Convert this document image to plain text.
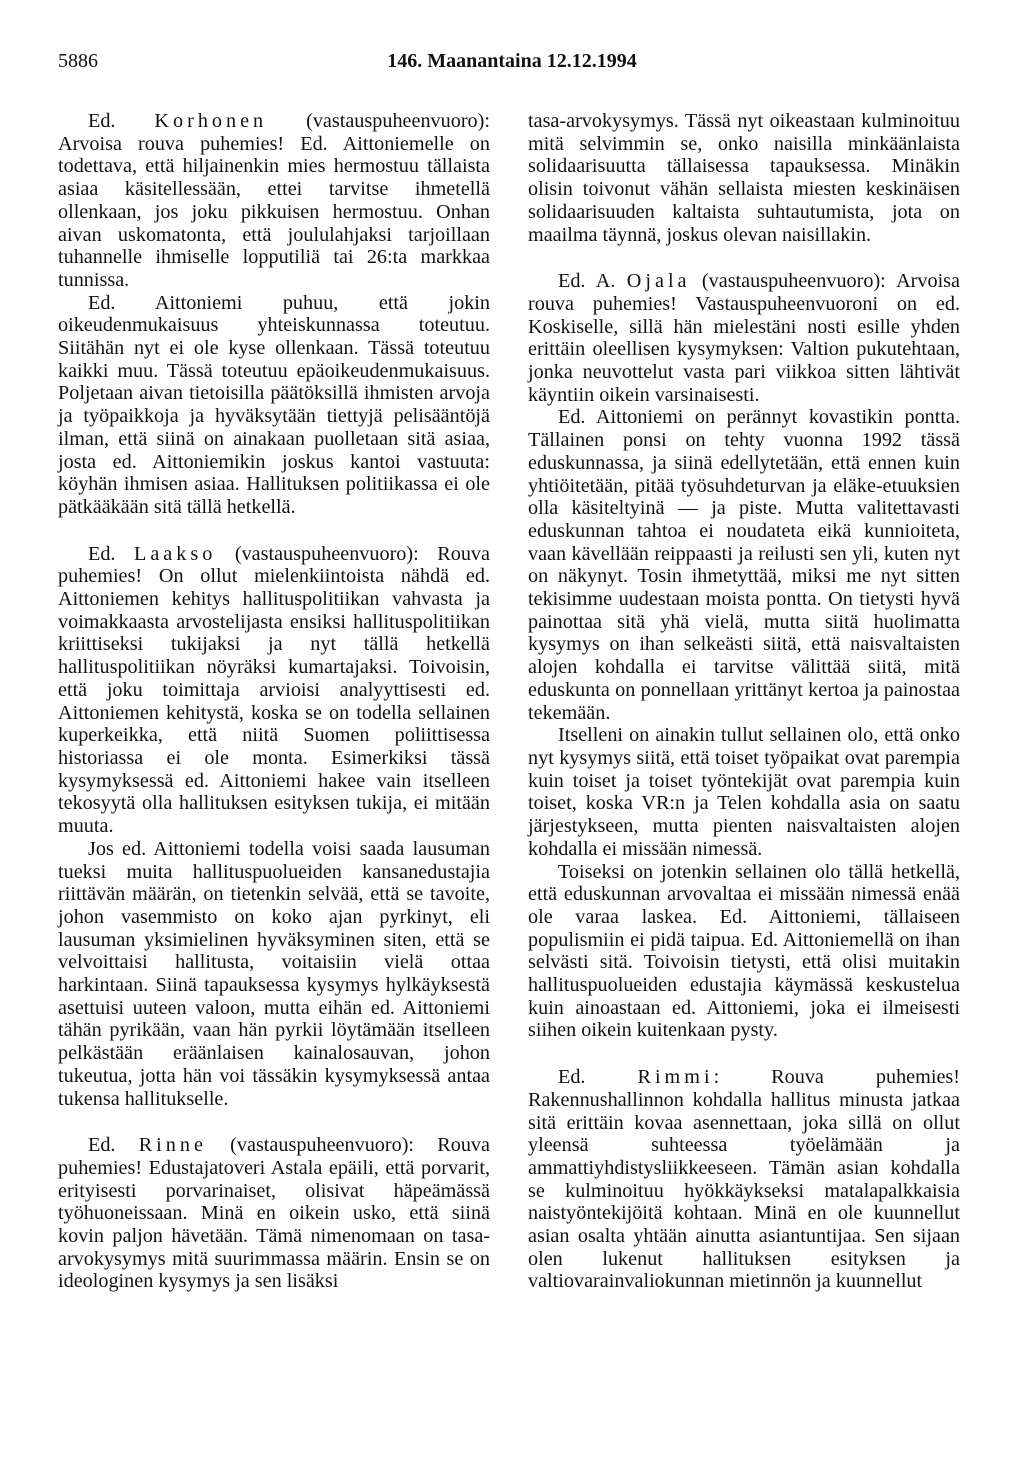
5886	146. Maanantaina 12.12.1994

Ed. Korhonen (vastauspuheenvuoro): Arvoisa rouva puhemies! Ed. Aittoniemelle on todettava, että hiljainenkin mies hermostuu tällaista asiaa käsitellessään, ettei tarvitse ihmetellä ollenkaan, jos joku pikkuisen hermostuu. Onhan aivan uskomatonta, että joululahjaksi tarjoillaan tuhannelle ihmiselle lopputiliä tai 26:ta markkaa tunnissa.

Ed. Aittoniemi puhuu, että jokin oikeudenmukaisuus yhteiskunnassa toteutuu. Siitähän nyt ei ole kyse ollenkaan. Tässä toteutuu kaikki muu. Tässä toteutuu epäoikeudenmukaisuus. Poljetaan aivan tietoisilla päätöksillä ihmisten arvoja ja työpaikkoja ja hyväksytään tiettyjä pelisääntöjä ilman, että siinä on ainakaan puolletaan sitä asiaa, josta ed. Aittoniemikin joskus kantoi vastuuta: köyhän ihmisen asiaa. Hallituksen politiikassa ei ole pätkääkään sitä tällä hetkellä.

Ed. Laakso (vastauspuheenvuoro): Rouva puhemies! On ollut mielenkiintoista nähdä ed. Aittoniemen kehitys hallituspolitiikan vahvasta ja voimakkaasta arvostelijasta ensiksi hallituspolitiikan kriittiseksi tukijaksi ja nyt tällä hetkellä hallituspolitiikan nöyräksi kumartajaksi. Toivoisin, että joku toimittaja arvioisi analyyttisesti ed. Aittoniemen kehitystä, koska se on todella sellainen kuperkeikka, että niitä Suomen poliittisessa historiassa ei ole monta. Esimerkiksi tässä kysymyksessä ed. Aittoniemi hakee vain itselleen tekosyytä olla hallituksen esityksen tukija, ei mitään muuta.

Jos ed. Aittoniemi todella voisi saada lausuman tueksi muita hallituspuolueiden kansanedustajia riittävän määrän, on tietenkin selvää, että se tavoite, johon vasemmisto on koko ajan pyrkinyt, eli lausuman yksimielinen hyväksyminen siten, että se velvoittaisi hallitusta, voitaisiin vielä ottaa harkintaan. Siinä tapauksessa kysymys hylkäyksestä asettuisi uuteen valoon, mutta eihän ed. Aittoniemi tähän pyrikään, vaan hän pyrkii löytämään itselleen pelkästään eräänlaisen kainalosauvan, johon tukeutua, jotta hän voi tässäkin kysymyksessä antaa tukensa hallitukselle.

Ed. Rinne (vastauspuheenvuoro): Rouva puhemies! Edustajatoveri Astala epäili, että porvarit, erityisesti porvarinaiset, olisivat häpeämässä työhuoneissaan. Minä en oikein usko, että siinä kovin paljon hävetään. Tämä nimenomaan on tasa-arvokysymys mitä suurimmassa määrin. Ensin se on ideologinen kysymys ja sen lisäksi

tasa-arvokysymys. Tässä nyt oikeastaan kulminoituu mitä selvimmin se, onko naisilla minkäänlaista solidaarisuutta tällaisessa tapauksessa. Minäkin olisin toivonut vähän sellaista miesten keskinäisen solidaarisuuden kaltaista suhtautumista, jota on maailma täynnä, joskus olevan naisillakin.

Ed. A. Ojala (vastauspuheenvuoro): Arvoisa rouva puhemies! Vastauspuheenvuoroni on ed. Koskiselle, sillä hän mielestäni nosti esille yhden erittäin oleellisen kysymyksen: Valtion pukutehtaan, jonka neuvottelut vasta pari viikkoa sitten lähtivät käyntiin oikein varsinaisesti.

Ed. Aittoniemi on perännyt kovastikin ponttа. Tällainen ponsi on tehty vuonna 1992 tässä eduskunnassa, ja siinä edellytetään, että ennen kuin yhtiöitetään, pitää työsuhdeturvan ja eläke-etuuksien olla käsiteltyinä — ja piste. Mutta valitettavasti eduskunnan tahtoa ei noudateta eikä kunnioiteta, vaan kävellään reippaasti ja reilusti sen yli, kuten nyt on näkynyt. Tosin ihmetyttää, miksi me nyt sitten tekisimme uudestaan moista pontta. On tietysti hyvä painottaa sitä yhä vielä, mutta siitä huolimatta kysymys on ihan selkeästi siitä, että naisvaltaisten alojen kohdalla ei tarvitse välittää siitä, mitä eduskunta on ponnellaan yrittänyt kertoa ja painostaa tekemään.

Itselleni on ainakin tullut sellainen olo, että onko nyt kysymys siitä, että toiset työpaikat ovat parempia kuin toiset ja toiset työntekijät ovat parempia kuin toiset, koska VR:n ja Telen kohdalla asia on saatu järjestykseen, mutta pienten naisvaltaisten alojen kohdalla ei missään nimessä.

Toiseksi on jotenkin sellainen olo tällä hetkellä, että eduskunnan arvovaltaa ei missään nimessä enää ole varaa laskea. Ed. Aittoniemi, tällaiseen populismiin ei pidä taipua. Ed. Aittoniemellä on ihan selvästi sitä. Toivoisin tietysti, että olisi muitakin hallituspuolueiden edustajia käymässä keskustelua kuin ainoastaan ed. Aittoniemi, joka ei ilmeisesti siihen oikein kuitenkaan pysty.

Ed. Rimmi: Rouva puhemies! Rakennushallinnon kohdalla hallitus minusta jatkaa sitä erittäin kovaa asennettaan, joka sillä on ollut yleensä suhteessa työelämään ja ammattiyhdistysliikkeeseen. Tämän asian kohdalla se kulminoituu hyökkäykseksi matalapalkkaisia naistyöntekijöitä kohtaan. Minä en ole kuunnellut asian osalta yhtään ainutta asiantuntijaa. Sen sijaan olen lukenut hallituksen esityksen ja valtiovarainvaliokunnan mietinnön ja kuunnellut
